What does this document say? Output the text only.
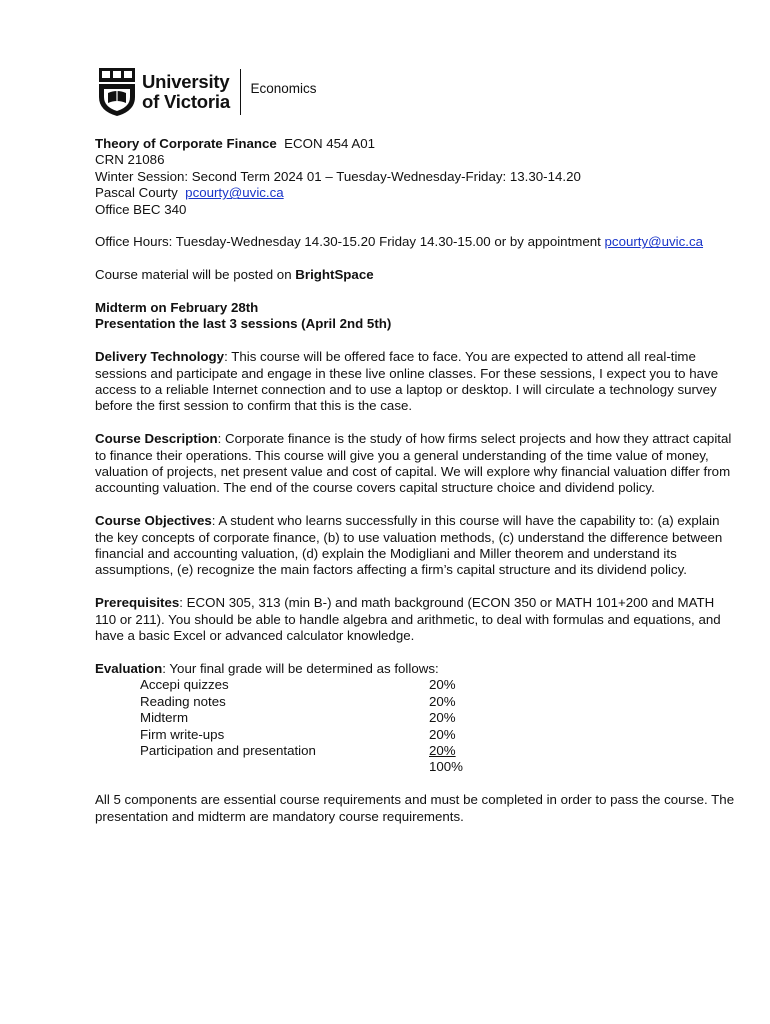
University
of Victoria
Economics
Theory of Corporate Finance ECON 454 A01
CRN 21086
Winter Session: Second Term 2024 01 – Tuesday-Wednesday-Friday: 13.30-14.20
Pascal Courty pcourty@uvic.ca
Office BEC 340
Office Hours: Tuesday-Wednesday 14.30-15.20 Friday 14.30-15.00 or by appointment pcourty@uvic.ca
Course material will be posted on BrightSpace
Midterm on February 28th
Presentation the last 3 sessions (April 2nd 5th)
Delivery Technology: This course will be offered face to face. You are expected to attend all real-time sessions and participate and engage in these live online classes. For these sessions, I expect you to have access to a reliable Internet connection and to use a laptop or desktop. I will circulate a technology survey before the first session to confirm that this is the case.
Course Description: Corporate finance is the study of how firms select projects and how they attract capital to finance their operations. This course will give you a general understanding of the time value of money, valuation of projects, net present value and cost of capital. We will explore why financial valuation differ from accounting valuation. The end of the course covers capital structure choice and dividend policy.
Course Objectives: A student who learns successfully in this course will have the capability to: (a) explain the key concepts of corporate finance, (b) to use valuation methods, (c) understand the difference between financial and accounting valuation, (d) explain the Modigliani and Miller theorem and understand its assumptions, (e) recognize the main factors affecting a firm’s capital structure and its dividend policy.
Prerequisites: ECON 305, 313 (min B-) and math background (ECON 350 or MATH 101+200 and MATH 110 or 211). You should be able to handle algebra and arithmetic, to deal with formulas and equations, and have a basic Excel or advanced calculator knowledge.
Evaluation: Your final grade will be determined as follows:
Accepi quizzes	20%
Reading notes	20%
Midterm	20%
Firm write-ups	20%
Participation and presentation	20%
100%
All 5 components are essential course requirements and must be completed in order to pass the course. The presentation and midterm are mandatory course requirements.
